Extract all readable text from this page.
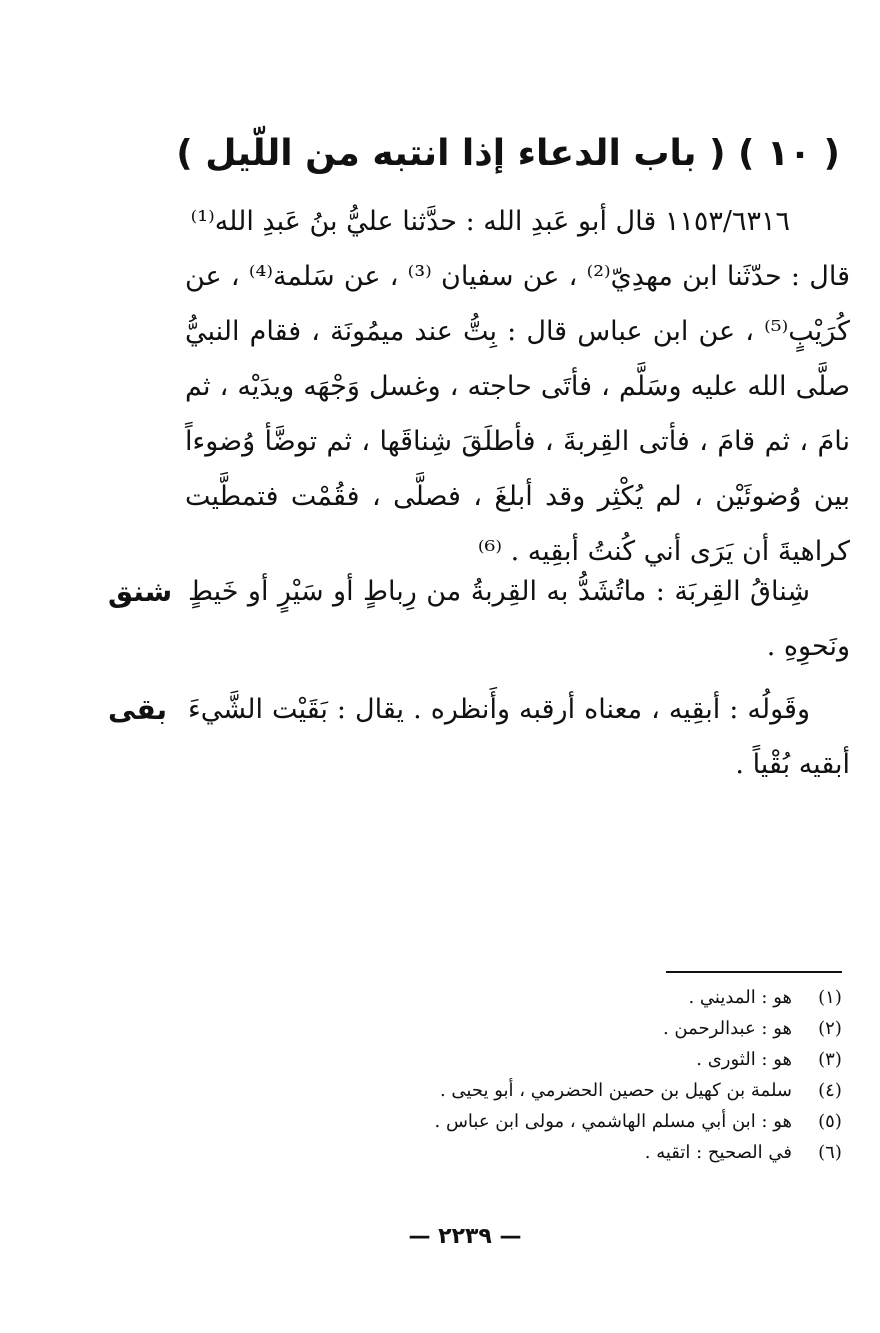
( ١٠ ) ( باب الدعاء إذا انتبه من اللّيل )

١١٥٣/٦٣١٦ قال أبو عَبدِ الله : حدَّثنا عليُّ بنُ عَبدِ الله⁽¹⁾

قال : حدّثَنا ابن مهدِيّ⁽²⁾ ، عن سفيان ⁽³⁾ ، عن سَلمة⁽⁴⁾ ، عن كُرَيْبٍ⁽⁵⁾ ، عن ابن عباس قال : بِتُّ عند ميمُونَة ، فقام النبيُّ صلَّى الله عليه وسَلَّم ، فأتَى حاجته ، وغسل وَجْهَه ويدَيْه ، ثم نامَ ، ثم قامَ ، فأتى القِربةَ ، فأطلَقَ شِناقَها ، ثم توضَّأ وُضوءاً بين وُضوئَيْن ، لم يُكْثِر وقد أبلغَ ، فصلَّى ، فقُمْت فتمطَّيت كراهيةَ أن يَرَى أني كُنتُ أبقِيه . ⁽⁶⁾

شنق شِناقُ القِربَة : ماتُشَدُّ به القِربةُ من رِباطٍ أو سَيْرٍ أو خَيطٍ ونَحوِهِ .
بقى وقَولُه : أبقِيه ، معناه أرقبه وأَنظره . يقال : بَقَيْت الشَّيءَ أبقيه بُقْياً .
(١)
هو : المديني .
(٢)
هو : عبدالرحمن .
(٣)
هو : الثورى .
(٤)
سلمة بن كهيل بن حصين الحضرمي ، أبو يحيى .
(٥)
هو : ابن أبي مسلم الهاشمي ، مولى ابن عباس .
(٦)
في الصحيح : اتقيه .
— ٢٢٣٩ —
